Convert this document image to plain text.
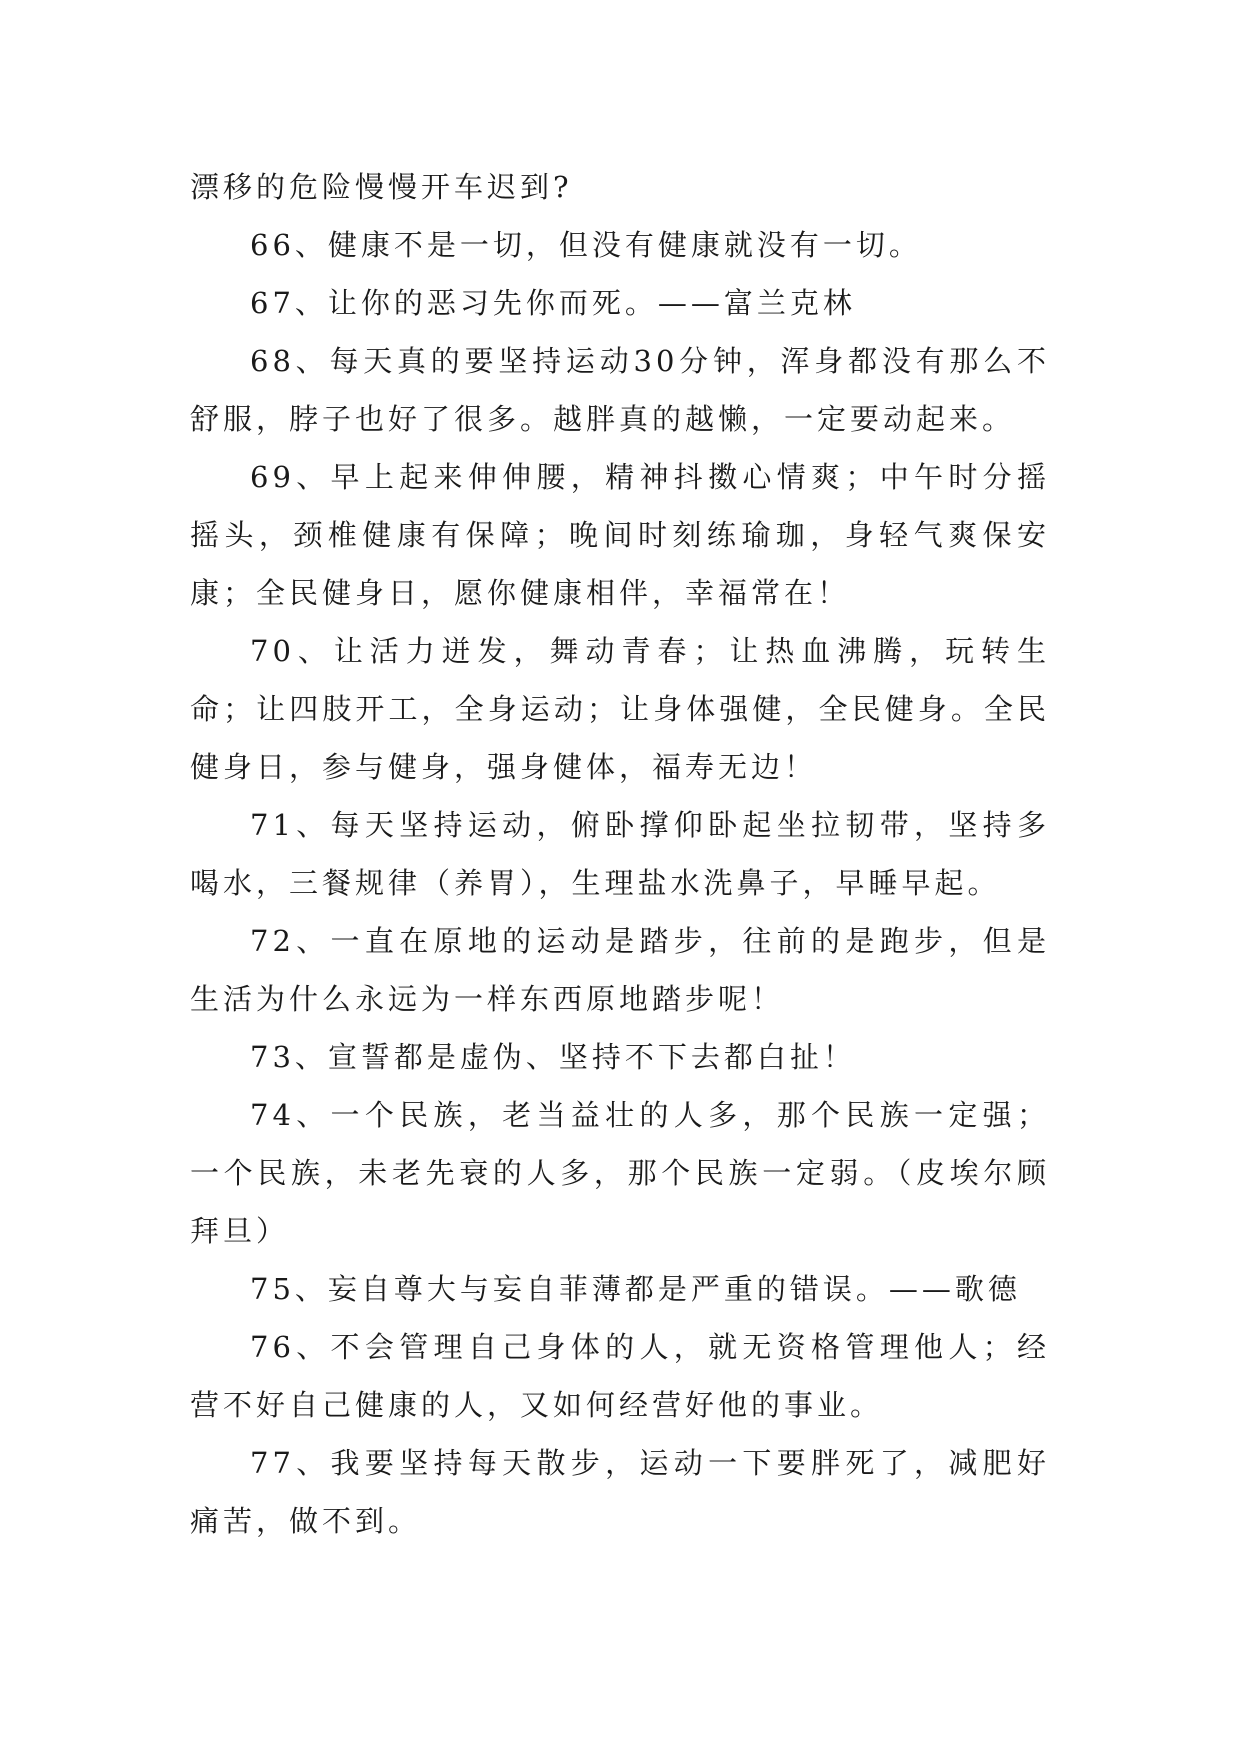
漂移的危险慢慢开车迟到?

66、健康不是一切，但没有健康就没有一切。

67、让你的恶习先你而死。——富兰克林

68、每天真的要坚持运动30分钟，浑身都没有那么不舒服，脖子也好了很多。越胖真的越懒，一定要动起来。

69、早上起来伸伸腰，精神抖擞心情爽；中午时分摇摇头，颈椎健康有保障；晚间时刻练瑜珈，身轻气爽保安康；全民健身日，愿你健康相伴，幸福常在！

70、让活力迸发，舞动青春；让热血沸腾，玩转生命；让四肢开工，全身运动；让身体强健，全民健身。全民健身日，参与健身，强身健体，福寿无边！

71、每天坚持运动，俯卧撑仰卧起坐拉韧带，坚持多喝水，三餐规律（养胃），生理盐水洗鼻子，早睡早起。

72、一直在原地的运动是踏步，往前的是跑步，但是生活为什么永远为一样东西原地踏步呢！

73、宣誓都是虚伪、坚持不下去都白扯！

74、一个民族，老当益壮的人多，那个民族一定强；一个民族，未老先衰的人多，那个民族一定弱。（皮埃尔顾拜旦）

75、妄自尊大与妄自菲薄都是严重的错误。——歌德

76、不会管理自己身体的人，就无资格管理他人；经营不好自己健康的人，又如何经营好他的事业。

77、我要坚持每天散步，运动一下要胖死了，减肥好痛苦，做不到。
